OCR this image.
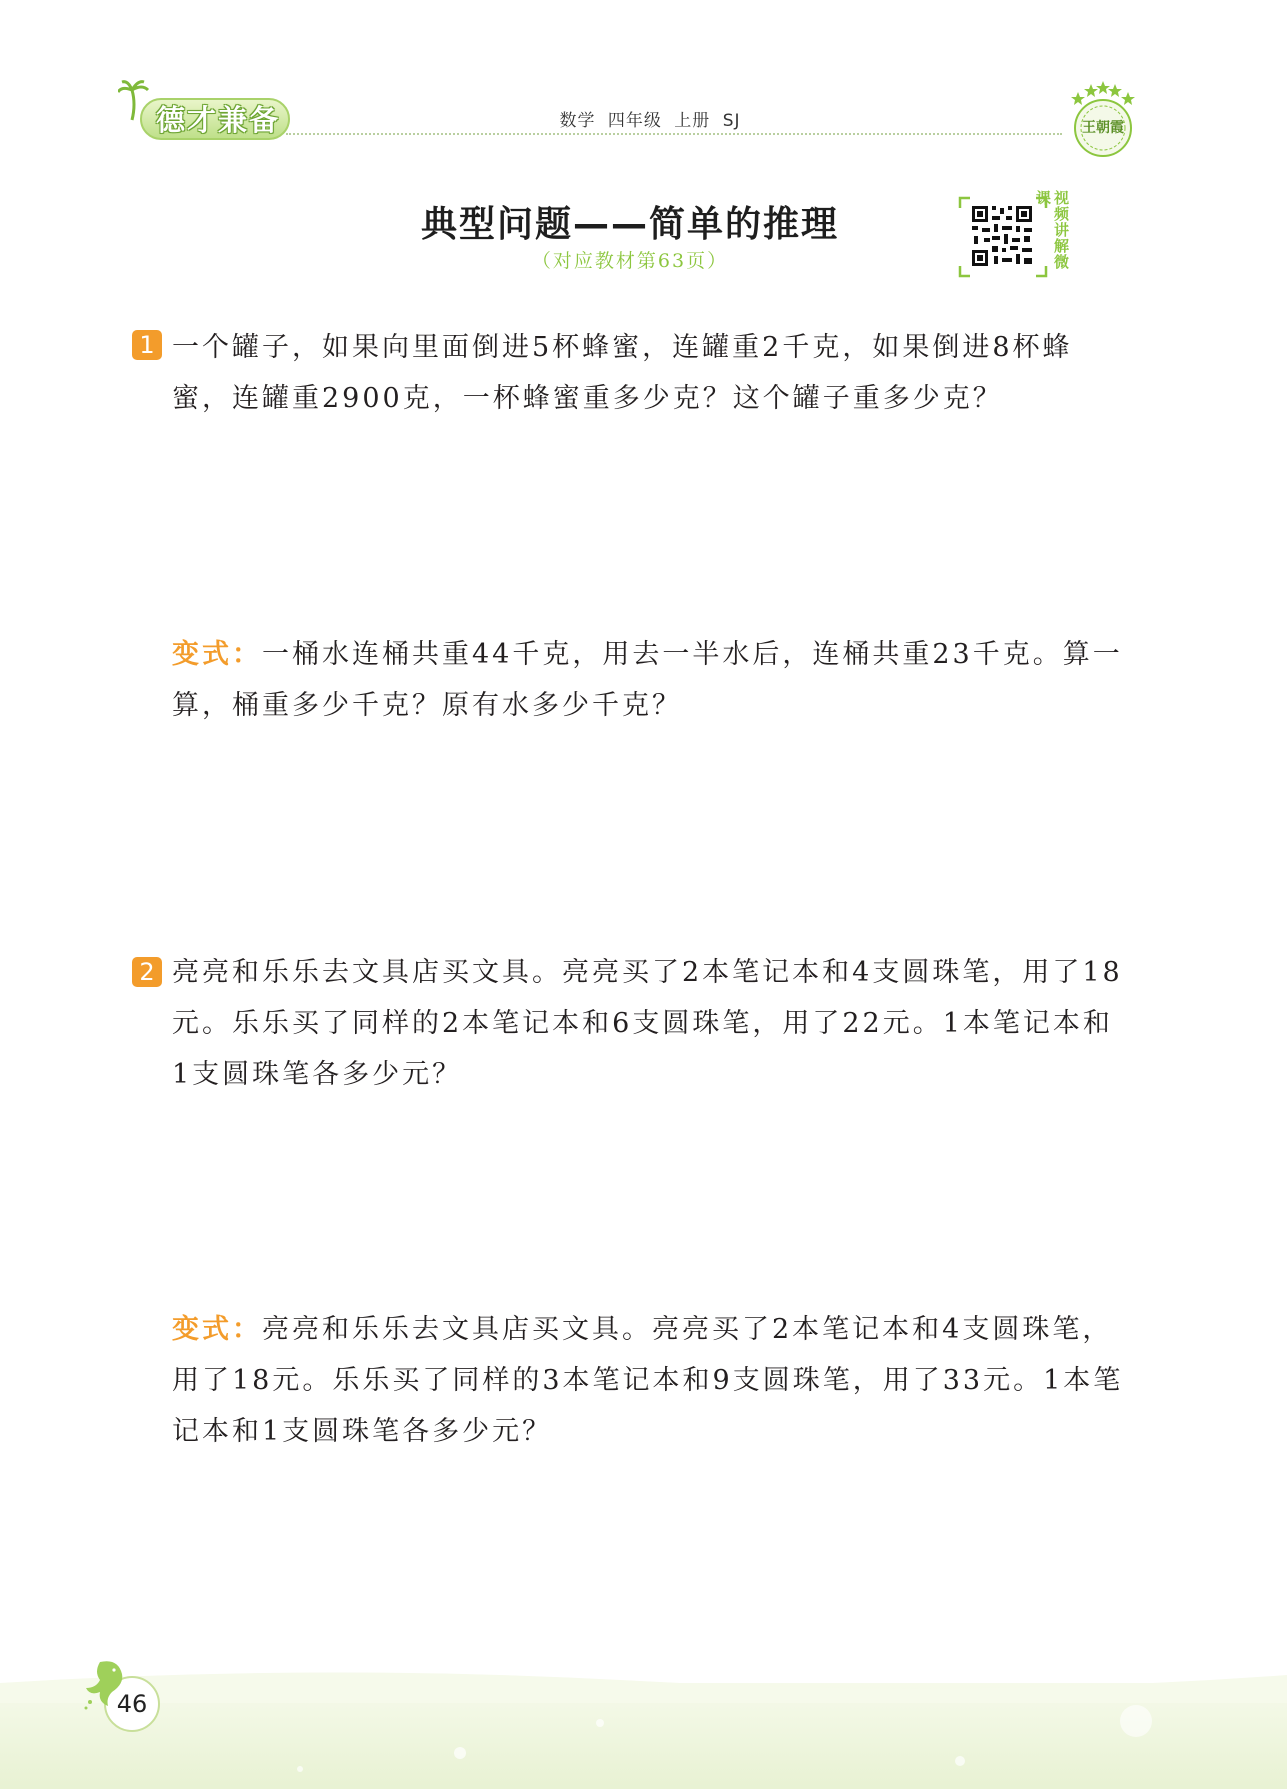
德才兼备	数学 四年级 上册 SJ	王朝霞
典型问题——简单的推理
（对应教材第63页）	视频讲解微课
1 一个罐子，如果向里面倒进5杯蜂蜜，连罐重2千克，如果倒进8杯蜂蜜，连罐重2900克，一杯蜂蜜重多少克？这个罐子重多少克？
变式：一桶水连桶共重44千克，用去一半水后，连桶共重23千克。算一算，桶重多少千克？原有水多少千克？
2 亮亮和乐乐去文具店买文具。亮亮买了2本笔记本和4支圆珠笔，用了18元。乐乐买了同样的2本笔记本和6支圆珠笔，用了22元。1本笔记本和1支圆珠笔各多少元？
变式：亮亮和乐乐去文具店买文具。亮亮买了2本笔记本和4支圆珠笔，用了18元。乐乐买了同样的3本笔记本和9支圆珠笔，用了33元。1本笔记本和1支圆珠笔各多少元？
46
